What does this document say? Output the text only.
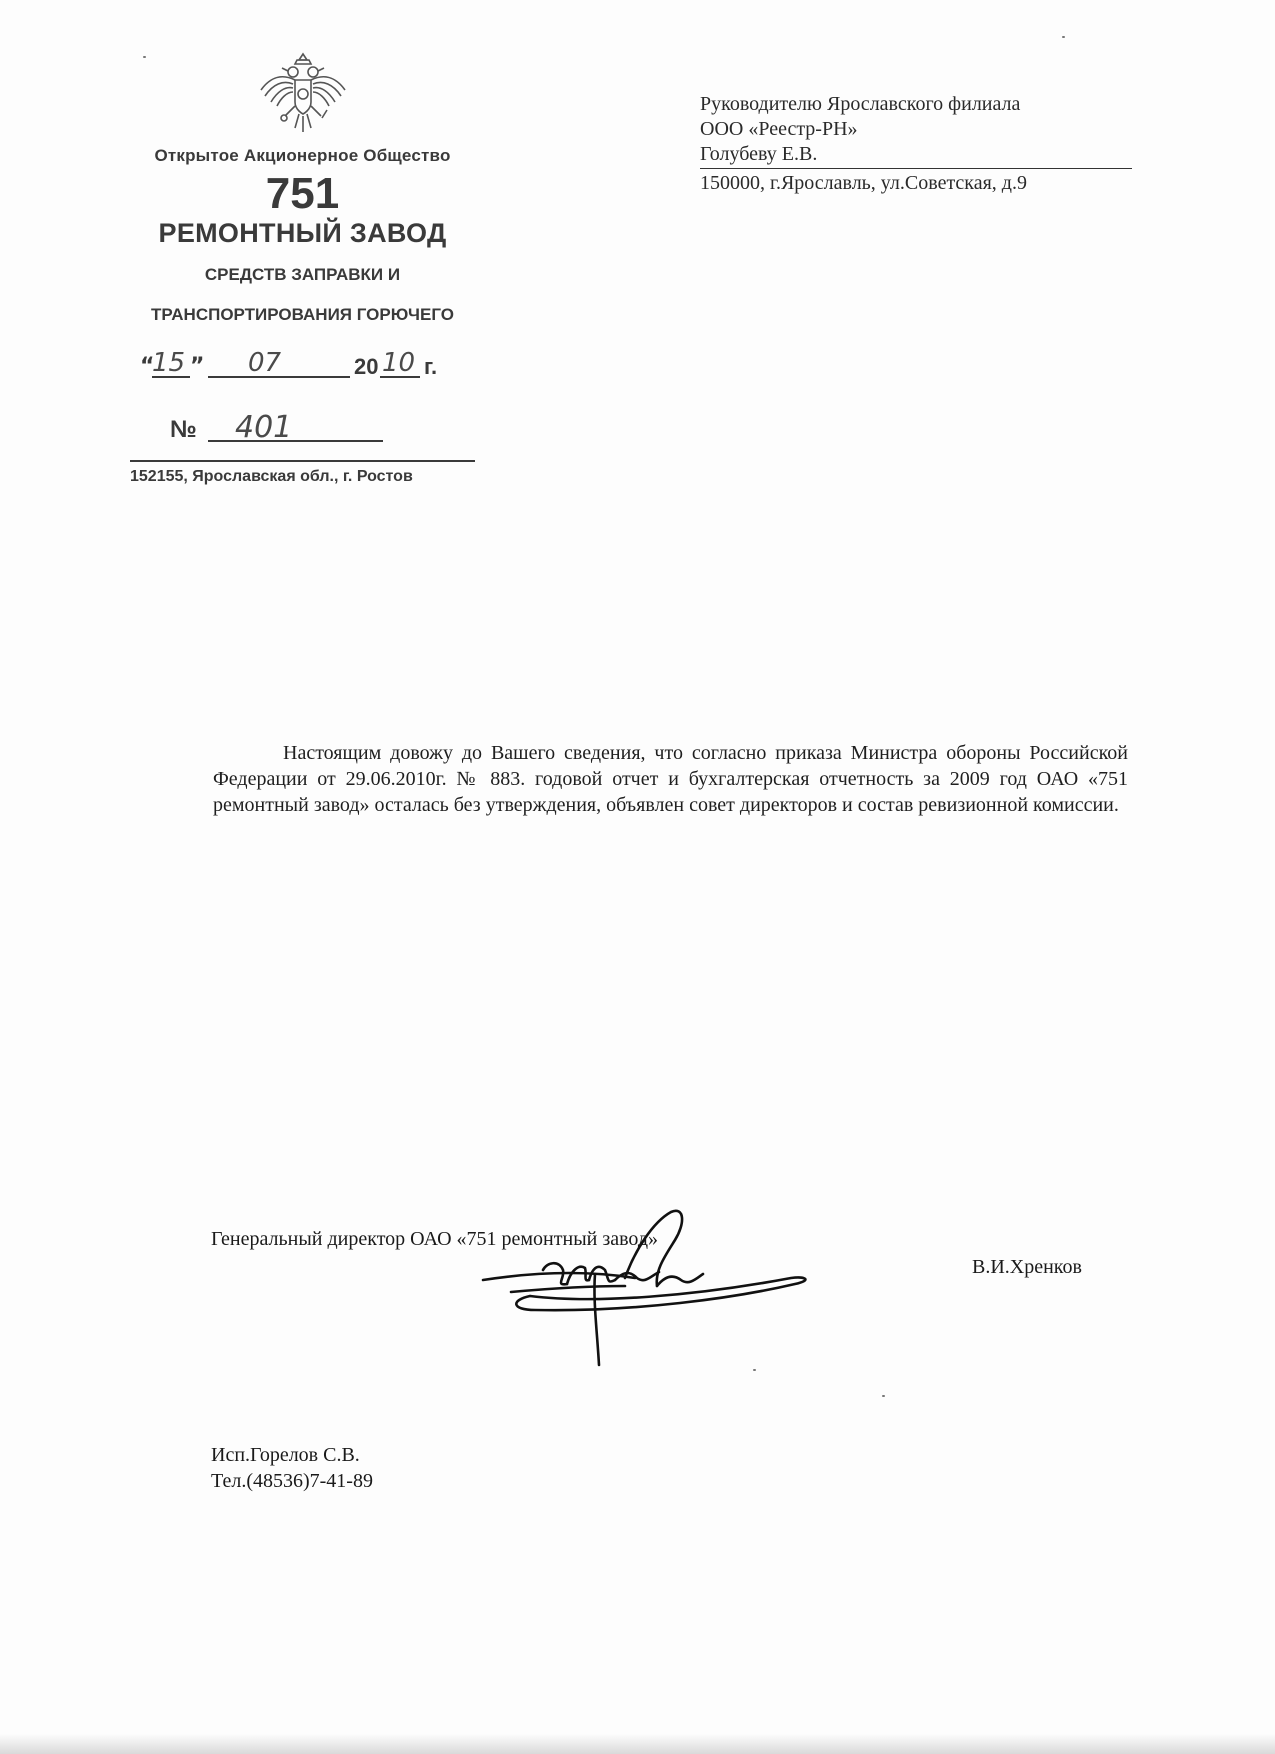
Открытое Акционерное Общество
751
РЕМОНТНЫЙ ЗАВОД
СРЕДСТВ ЗАПРАВКИ И
ТРАНСПОРТИРОВАНИЯ ГОРЮЧЕГО
“
15 ” 07	20 10 г.
№ 401
152155, Ярославская обл., г. Ростов
Руководителю Ярославского филиала
ООО «Реестр-РН»
Голубеву Е.В.
150000, г.Ярославль, ул.Советская, д.9
Настоящим довожу до Вашего сведения, что согласно приказа Министра обороны Российской Федерации от 29.06.2010г. № 883. годовой отчет и бухгалтерская отчетность за 2009 год ОАО «751 ремонтный завод» осталась без утверждения, объявлен совет директоров и состав ревизионной комиссии.
Генеральный директор ОАО «751 ремонтный завод»
В.И.Хренков
Исп.Горелов С.В.
Тел.(48536)7-41-89
